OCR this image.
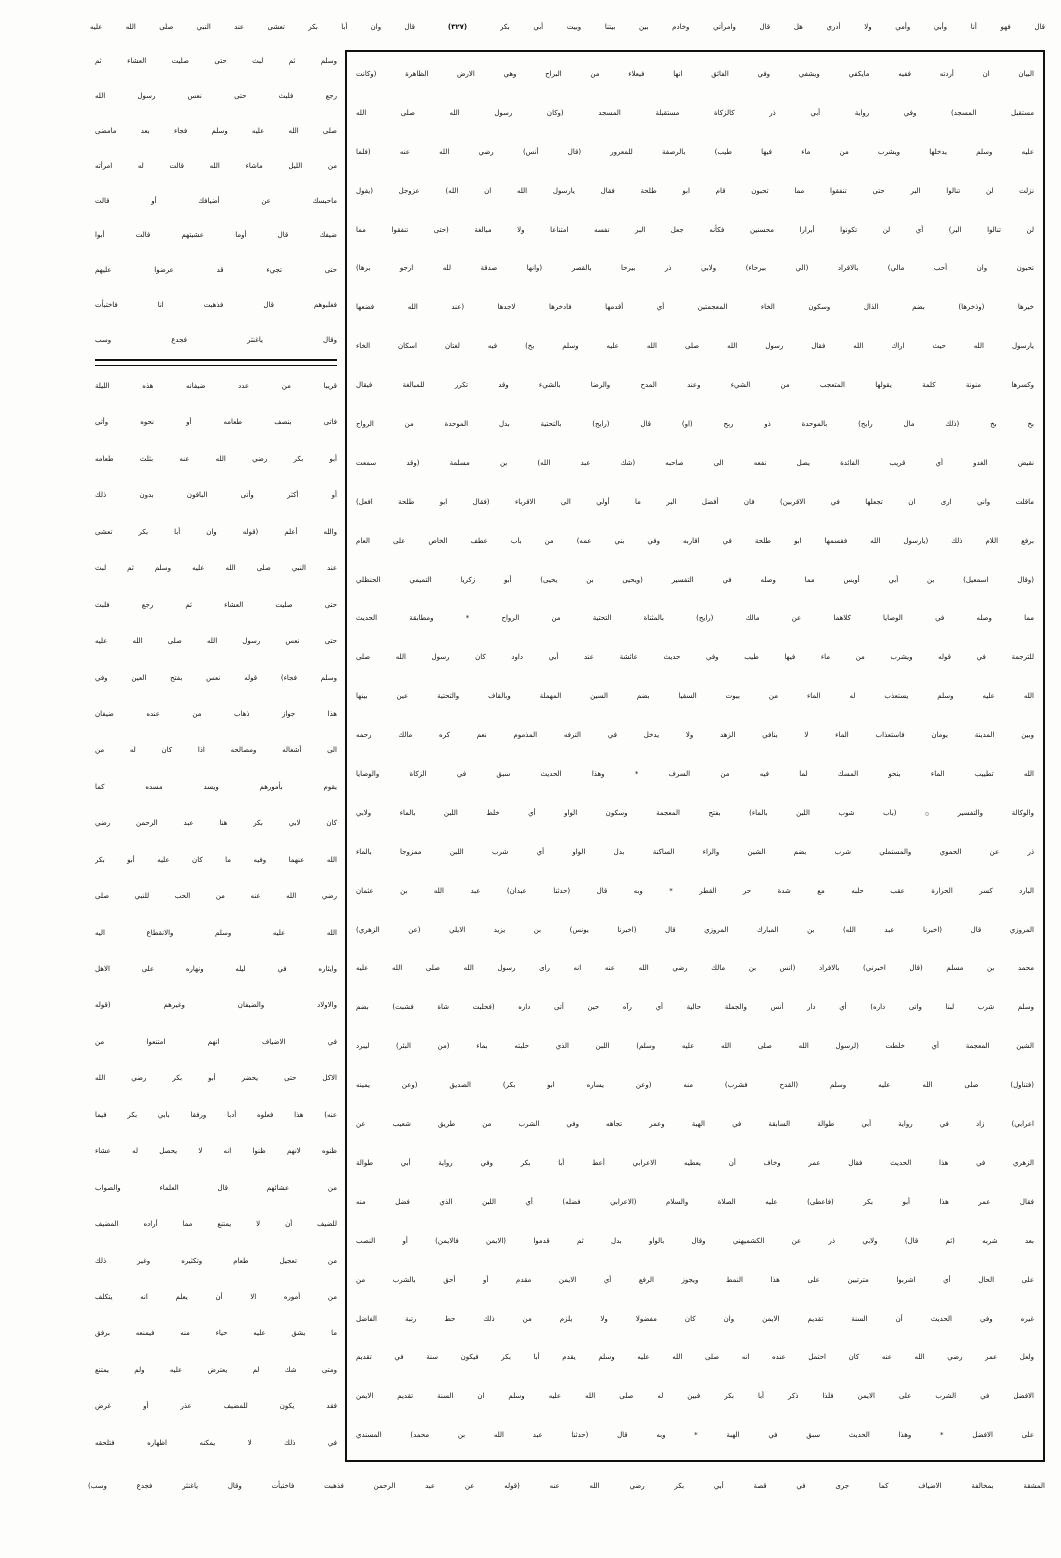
قال فهو أنا وأبي وأمي ولا أدري هل قال وامرأتي وخادم بين بيتنا وبيت أبي بكر
(٣٢٧)
قال وان أبا بكر تعشى عند النبي صلى الله عليه
البيان ان أردته ففيه مايكفي ويشفي وفي الفائق انها فيعلاء من البراح وهي الارض الظاهرة (وكانت
مستقبل المسجد) وفي رواية أبي ذر كالزكاة مستقبلة المسجد (وكان رسول الله صلى الله
عليه وسلم يدخلها ويشرب من ماء فيها طيب) بالرصفة للمعرور (قال أنس) رضي الله عنه (فلما
نزلت لن تنالوا البر حتى تنفقوا مما تحبون قام ابو طلحة فقال يارسول الله ان الله) عزوجل (يقول
لن تنالوا البر) أي لن تكونوا أبرارا محسنين فكأنه جعل البر نفسه امتناعا ولا مبالغة (حتى تنفقوا مما
تحبون وان أحب مالي) بالافراد (الي بيرحاء) ولابي ذر بيرحا بالقصر (وانها صدقة لله ارجو برها)
خيرها (وذخرها) بضم الذال وسكون الخاء المعجمتين أي أقدمها فادخرها لاجدها (عند الله فضعها
يارسول الله حيث اراك الله فقال رسول الله صلى الله عليه وسلم بخ) فيه لغتان اسكان الخاء
وكسرها منونة كلمة يقولها المتعجب من الشيء وعند المدح والرضا بالشيء وقد تكرر للمبالغة فيقال
بخ بخ (ذلك مال رابح) بالموحدة ذو ربح (او) قال (رايح) بالتحتية بدل الموحدة من الرواح
نقيض الغدو أي قريب الفائدة يصل نفعه الى صاحبه (شك عبد الله) بن مسلمة (وقد سمعت
ماقلت واني ارى ان تجعلها في الاقربين) فان أفضل البر ما أولي الى الاقرباء (فقال ابو طلحة افعل)
برفع اللام ذلك (يارسول الله فقسمها ابو طلحة في اقاربه وفي بني عمه) من باب عطف الخاص على العام
(وقال اسمعيل) بن أبي أويس مما وصله في التفسير (ويحيى بن يحيى) أبو زكريا التميمي الحنظلي
مما وصله في الوصايا كلاهما عن مالك (رايح) بالمثناة التحتية من الرواح * ومطابقة الحديث
للترجمة في قوله ويشرب من ماء فيها طيب وفي حديث عائشة عند أبي داود كان رسول الله صلى
الله عليه وسلم يستعذب له الماء من بيوت السقيا بضم السين المهملة وبالقاف والتحتية عين بينها
وبين المدينة يومان فاستعذاب الماء لا ينافي الزهد ولا يدخل في الترفه المذموم نعم كره مالك رحمه
الله تطييب الماء بنحو المسك لما فيه من السرف * وهذا الحديث سبق في الزكاة والوصايا
والوكالة والتفسير ۞ (باب شوب اللبن بالماء) بفتح المعجمة وسكون الواو أي خلط اللبن بالماء ولابي
ذر عن الحموي والمستملي شرب بضم الشين والراء الساكنة بدل الواو أي شرب اللبن ممزوجا بالماء
البارد كسر الحرارة عقب حلبه مع شدة حر القطر * وبه قال (حدثنا عبدان) عبد الله بن عثمان
المروزي قال (اخبرنا عبد الله) بن المبارك المروزي قال (اخبرنا يونس) بن يزيد الايلي (عن الزهري)
محمد بن مسلم (قال اخبرني) بالافراد (انس بن مالك رضي الله عنه انه راى رسول الله صلى الله عليه
وسلم شرب لبنا واتى داره) أي دار أنس والجملة حالية أي رآه حين أتى داره (فحلبت شاة فشبت) بضم
الشين المعجمة أي خلطت (لرسول الله صلى الله عليه وسلم) اللبن الذي حلبته بماء (من البئر) ليبرد
(فتناول) صلى الله عليه وسلم (القدح فشرب) منه (وعن يساره ابو بكر) الصديق (وعن يمينه
اعرابي) زاد في رواية أبي طوالة السابقة في الهبة وعمر تجاهه وفي الشرب من طريق شعيب عن
الزهري في هذا الحديث فقال عمر وخاف أن يعطيه الاعرابي أعط أبا بكر وفي رواية أبي طوالة
فقال عمر هذا أبو بكر (فاعطى) عليه الصلاة والسلام (الاعرابي فضله) أي اللبن الذي فضل منه
بعد شربه (ثم قال) ولابي ذر عن الكشميهني وقال بالواو بدل ثم قدموا (الايمن فالايمن) أو النصب
على الحال أي اشربوا مترتبين على هذا النمط ويجوز الرفع أي الايمن مقدم أو أحق بالشرب من
غيره وفي الحديث أن السنة تقديم الايمن وان كان مفضولا ولا يلزم من ذلك حط رتبة الفاضل
ولعل عمر رضي الله عنه كان احتمل عنده انه صلى الله عليه وسلم يقدم أبا بكر فيكون سنة في تقديم
الافضل في الشرب على الايمن فلذا ذكر أبا بكر فبين له صلى الله عليه وسلم ان السنة تقديم الايمن
على الافضل * وهذا الحديث سبق في الهبة * وبه قال (حدثنا عبد الله بن محمد) المسندي
وسلم ثم لبث حتى صليت العشاء ثم
رجع فلبث حتى نعس رسول الله
صلى الله عليه وسلم فجاء بعد مامضى
من الليل ماشاء الله قالت له امرأته
ماحبسك عن أضيافك أو قالت
ضيفك قال أوما عشيتهم قالت أبوا
حتى تجيء قد عرضوا عليهم
فغلبوهم قال فذهبت انا فاختبأت
وقال ياغنثر فجدع وسب
قريبا من عدد ضيفانه هذه الليلة
فاتى بنصف طعامه أو نحوه وأتى
أبو بكر رضي الله عنه بثلث طعامه
أو أكثر وأتى الباقون بدون ذلك
والله أعلم (قوله وان أبا بكر تعشى
عند النبي صلى الله عليه وسلم ثم لبث
حتى صليت العشاء ثم رجع فلبث
حتى نعس رسول الله صلى الله عليه
وسلم فجاء) قوله نعس بفتح العين وفي
هذا جواز ذهاب من عنده ضيفان
الى أشغاله ومصالحه اذا كان له من
يقوم بأمورهم ويسد مسده كما
كان لابي بكر هنا عبد الرحمن رضي
الله عنهما وفيه ما كان عليه أبو بكر
رضي الله عنه من الحب للنبي صلى
الله عليه وسلم والانقطاع اليه
وايثاره في ليله ونهاره على الاهل
والاولاد والضيفان وغيرهم (قوله
في الاضياف انهم امتنعوا من
الاكل حتى يحضر أبو بكر رضي الله
عنه) هذا فعلوه أدبا ورفقا بابي بكر فيما
ظنوه لانهم ظنوا انه لا يحصل له عشاء
من عشائهم قال العلماء والصواب
للضيف أن لا يمتنع مما أراده المضيف
من تعجيل طعام وتكثيره وغير ذلك
من أموره الا أن يعلم انه يتكلف
ما يشق عليه حياء منه فيمنعه برفق
ومتى شك لم يعترض عليه ولم يمتنع
فقد يكون للمضيف عذر أو غرض
في ذلك لا يمكنه اظهاره فتلحقه
المشقة بمخالفة الاضياف كما جرى في قصة أبي بكر رضي الله عنه (قوله عن عبد الرحمن فذهبت فاختبأت وقال ياغنثر فجدع وسب)
